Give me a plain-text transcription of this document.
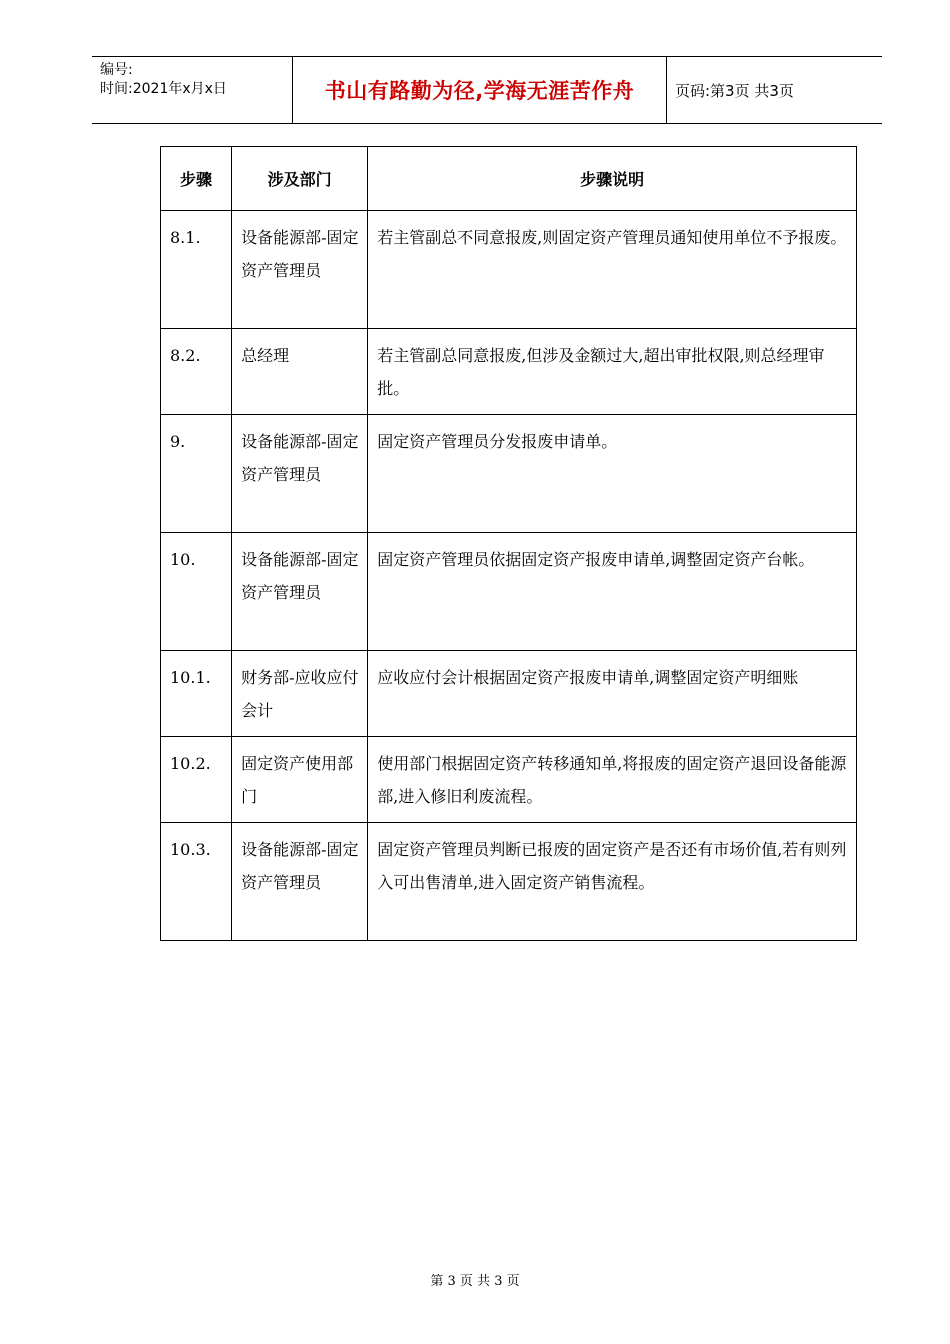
编号:
时间:2021年x月x日	书山有路勤为径,学海无涯苦作舟	页码:第3页 共3页
步骤	涉及部门	步骤说明
8.1.	设备能源部-固定资产管理员	若主管副总不同意报废,则固定资产管理员通知使用单位不予报废。
8.2.	总经理	若主管副总同意报废,但涉及金额过大,超出审批权限,则总经理审批。
9.	设备能源部-固定资产管理员	固定资产管理员分发报废申请单。
10.	设备能源部-固定资产管理员	固定资产管理员依据固定资产报废申请单,调整固定资产台帐。
10.1.	财务部-应收应付会计	应收应付会计根据固定资产报废申请单,调整固定资产明细账
10.2.	固定资产使用部门	使用部门根据固定资产转移通知单,将报废的固定资产退回设备能源部,进入修旧利废流程。
10.3.	设备能源部-固定资产管理员	固定资产管理员判断已报废的固定资产是否还有市场价值,若有则列入可出售清单,进入固定资产销售流程。
第 3 页 共 3 页
